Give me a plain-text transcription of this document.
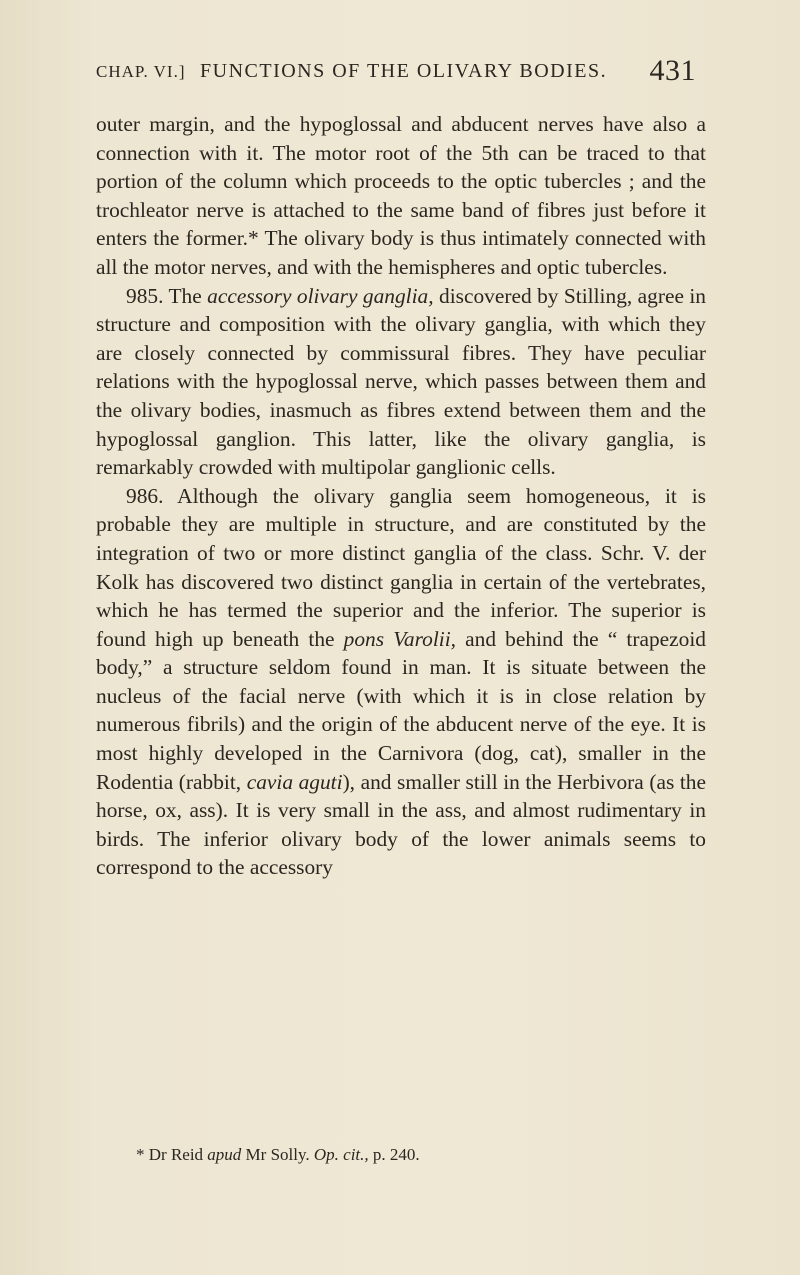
CHAP. VI.] FUNCTIONS OF THE OLIVARY BODIES. 431

outer margin, and the hypoglossal and abducent nerves have also a connection with it. The motor root of the 5th can be traced to that portion of the column which proceeds to the optic tubercles ; and the trochleator nerve is attached to the same band of fibres just before it enters the former.* The olivary body is thus intimately connected with all the motor nerves, and with the hemispheres and optic tubercles.

985. The accessory olivary ganglia, discovered by Stilling, agree in structure and composition with the olivary ganglia, with which they are closely connected by commissural fibres. They have peculiar relations with the hypoglossal nerve, which passes between them and the olivary bodies, inasmuch as fibres extend between them and the hypoglossal ganglion. This latter, like the olivary ganglia, is remarkably crowded with multipolar ganglionic cells.

986. Although the olivary ganglia seem homogeneous, it is probable they are multiple in structure, and are constituted by the integration of two or more distinct ganglia of the class. Schr. V. der Kolk has discovered two distinct ganglia in certain of the vertebrates, which he has termed the superior and the inferior. The superior is found high up beneath the pons Varolii, and behind the “ trapezoid body,” a structure seldom found in man. It is situate between the nucleus of the facial nerve (with which it is in close relation by numerous fibrils) and the origin of the abducent nerve of the eye. It is most highly developed in the Carnivora (dog, cat), smaller in the Rodentia (rabbit, cavia aguti), and smaller still in the Herbivora (as the horse, ox, ass). It is very small in the ass, and almost rudimentary in birds. The inferior olivary body of the lower animals seems to correspond to the accessory

* Dr Reid apud Mr Solly. Op. cit., p. 240.
